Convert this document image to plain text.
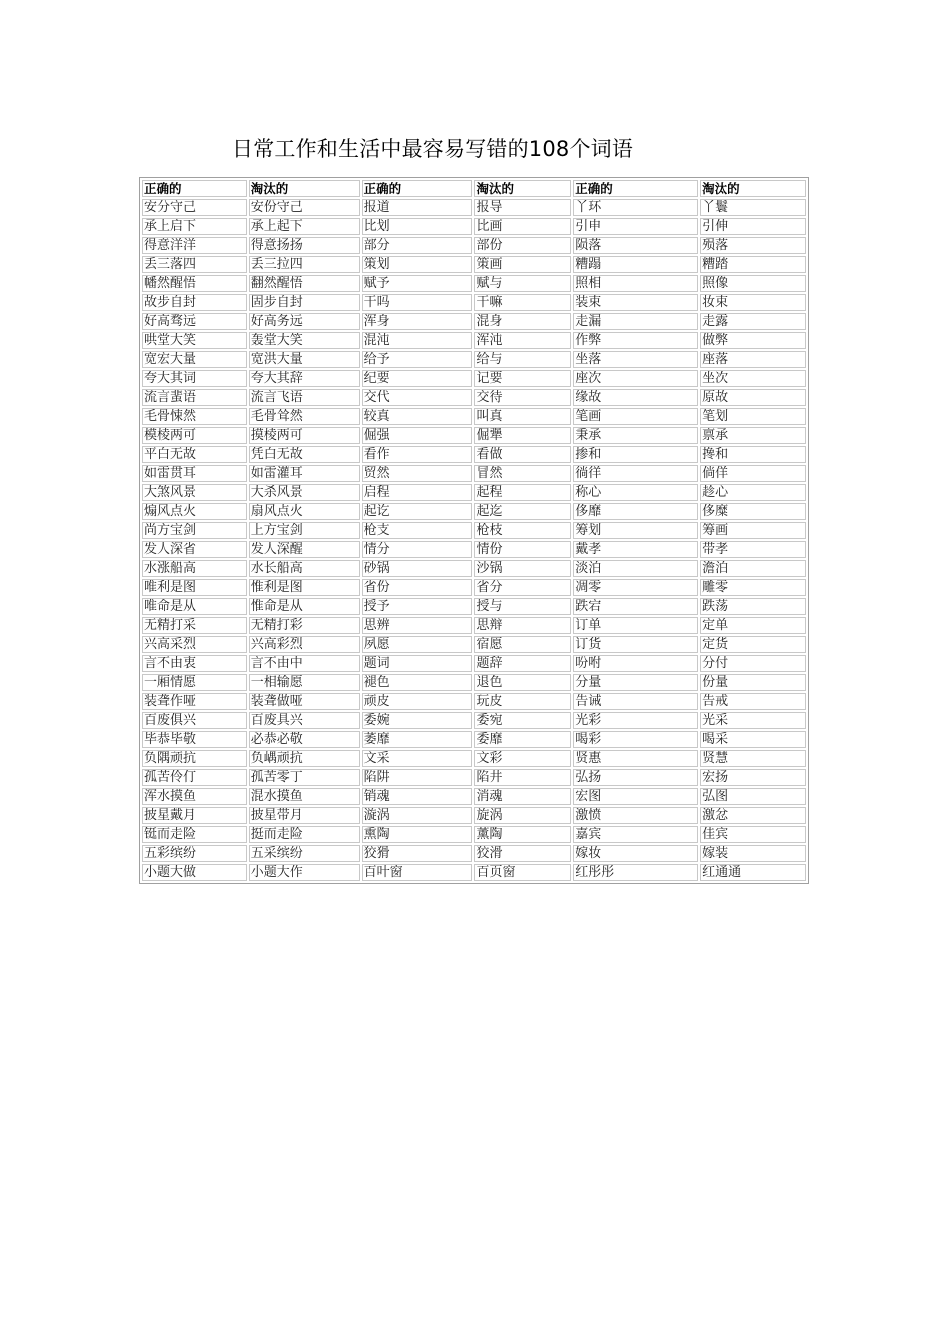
日常工作和生活中最容易写错的108个词语
正确的	淘汰的	正确的	淘汰的	正确的	淘汰的
安分守己	安份守己	报道	报导	丫环	丫鬟
承上启下	承上起下	比划	比画	引申	引伸
得意洋洋	得意扬扬	部分	部份	陨落	殒落
丢三落四	丢三拉四	策划	策画	糟蹋	糟踏
幡然醒悟	翻然醒悟	赋予	赋与	照相	照像
故步自封	固步自封	干吗	干嘛	装束	妆束
好高骛远	好高务远	浑身	混身	走漏	走露
哄堂大笑	轰堂大笑	混沌	浑沌	作弊	做弊
宽宏大量	宽洪大量	给予	给与	坐落	座落
夸大其词	夸大其辞	纪要	记要	座次	坐次
流言蜚语	流言飞语	交代	交待	缘故	原故
毛骨悚然	毛骨耸然	较真	叫真	笔画	笔划
模棱两可	摸棱两可	倔强	倔犟	秉承	禀承
平白无故	凭白无故	看作	看做	掺和	搀和
如雷贯耳	如雷灌耳	贸然	冒然	徜徉	倘佯
大煞风景	大杀风景	启程	起程	称心	趁心
煽风点火	扇风点火	起讫	起迄	侈靡	侈糜
尚方宝剑	上方宝剑	枪支	枪枝	筹划	筹画
发人深省	发人深醒	情分	情份	戴孝	带孝
水涨船高	水长船高	砂锅	沙锅	淡泊	澹泊
唯利是图	惟利是图	省份	省分	凋零	雕零
唯命是从	惟命是从	授予	授与	跌宕	跌荡
无精打采	无精打彩	思辨	思辩	订单	定单
兴高采烈	兴高彩烈	夙愿	宿愿	订货	定货
言不由衷	言不由中	题词	题辞	吩咐	分付
一厢情愿	一相输愿	褪色	退色	分量	份量
装聋作哑	装聋做哑	顽皮	玩皮	告诫	告戒
百废俱兴	百废具兴	委婉	委宛	光彩	光采
毕恭毕敬	必恭必敬	萎靡	委靡	喝彩	喝采
负隅顽抗	负嵎顽抗	文采	文彩	贤惠	贤慧
孤苦伶仃	孤苦零丁	陷阱	陷井	弘扬	宏扬
浑水摸鱼	混水摸鱼	销魂	消魂	宏图	弘图
披星戴月	披星带月	漩涡	旋涡	激愤	激忿
铤而走险	挺而走险	熏陶	薰陶	嘉宾	佳宾
五彩缤纷	五采缤纷	狡猾	狡滑	嫁妆	嫁装
小题大做	小题大作	百叶窗	百页窗	红彤彤	红通通
